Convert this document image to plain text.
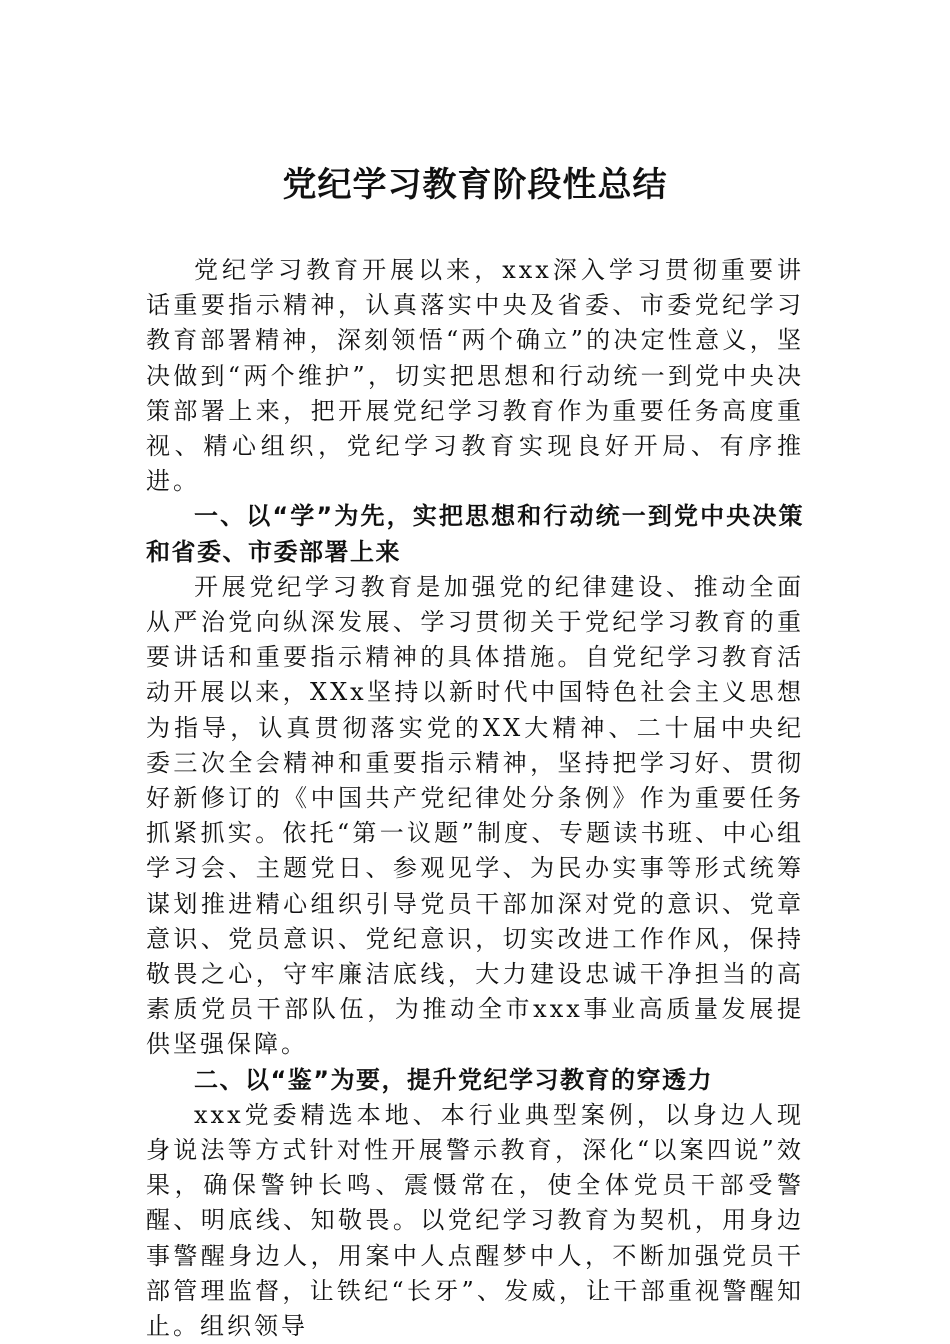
党纪学习教育阶段性总结

党纪学习教育开展以来，xxx深入学习贯彻重要讲话重要指示精神，认真落实中央及省委、市委党纪学习教育部署精神，深刻领悟“两个确立”的决定性意义，坚决做到“两个维护”，切实把思想和行动统一到党中央决策部署上来，把开展党纪学习教育作为重要任务高度重视、精心组织，党纪学习教育实现良好开局、有序推进。

一、以“学”为先，实把思想和行动统一到党中央决策和省委、市委部署上来

开展党纪学习教育是加强党的纪律建设、推动全面从严治党向纵深发展、学习贯彻关于党纪学习教育的重要讲话和重要指示精神的具体措施。自党纪学习教育活动开展以来，XXx坚持以新时代中国特色社会主义思想为指导，认真贯彻落实党的XX大精神、二十届中央纪委三次全会精神和重要指示精神，坚持把学习好、贯彻好新修订的《中国共产党纪律处分条例》作为重要任务抓紧抓实。依托“第一议题”制度、专题读书班、中心组学习会、主题党日、参观见学、为民办实事等形式统筹谋划推进精心组织引导党员干部加深对党的意识、党章意识、党员意识、党纪意识，切实改进工作作风，保持敬畏之心，守牢廉洁底线，大力建设忠诚干净担当的高素质党员干部队伍，为推动全市xxx事业高质量发展提供坚强保障。

二、以“鉴”为要，提升党纪学习教育的穿透力

xxx党委精选本地、本行业典型案例，以身边人现身说法等方式针对性开展警示教育，深化“以案四说”效果，确保警钟长鸣、震慑常在，使全体党员干部受警醒、明底线、知敬畏。以党纪学习教育为契机，用身边事警醒身边人，用案中人点醒梦中人，不断加强党员干部管理监督，让铁纪“长牙”、发威，让干部重视警醒知止。组织领导
